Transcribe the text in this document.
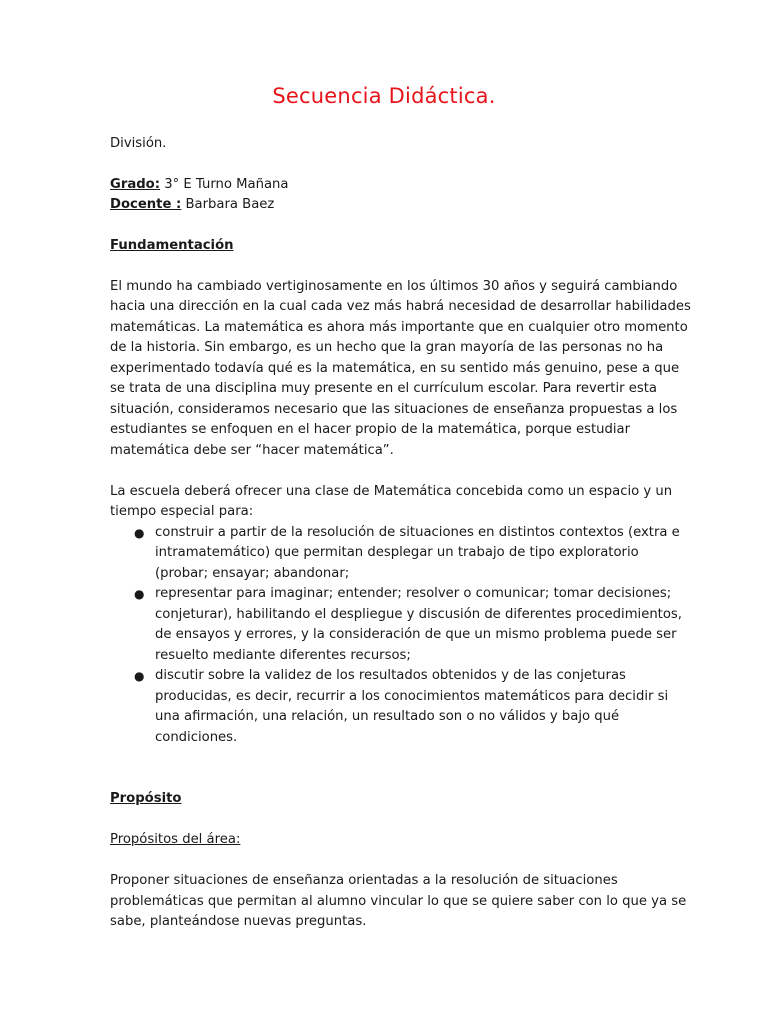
Secuencia Didáctica.

División.

Grado: 3° E Turno Mañana

Docente : Barbara Baez

Fundamentación

El mundo ha cambiado vertiginosamente en los últimos 30 años y seguirá cambiando

hacia una dirección en la cual cada vez más habrá necesidad de desarrollar habilidades

matemáticas. La matemática es ahora más importante que en cualquier otro momento

de la historia. Sin embargo, es un hecho que la gran mayoría de las personas no ha

experimentado todavía qué es la matemática, en su sentido más genuino, pese a que

se trata de una disciplina muy presente en el currículum escolar. Para revertir esta

situación, consideramos necesario que las situaciones de enseñanza propuestas a los

estudiantes se enfoquen en el hacer propio de la matemática, porque estudiar

matemática debe ser “hacer matemática”.

La escuela deberá ofrecer una clase de Matemática concebida como un espacio y un

tiempo especial para:

● construir a partir de la resolución de situaciones en distintos contextos (extra e

intramatemático) que permitan desplegar un trabajo de tipo exploratorio

(probar; ensayar; abandonar;

● representar para imaginar; entender; resolver o comunicar; tomar decisiones;

conjeturar), habilitando el despliegue y discusión de diferentes procedimientos,

de ensayos y errores, y la consideración de que un mismo problema puede ser

resuelto mediante diferentes recursos;

● discutir sobre la validez de los resultados obtenidos y de las conjeturas

producidas, es decir, recurrir a los conocimientos matemáticos para decidir si

una afirmación, una relación, un resultado son o no válidos y bajo qué

condiciones.

Propósito

Propósitos del área:

Proponer situaciones de enseñanza orientadas a la resolución de situaciones

problemáticas que permitan al alumno vincular lo que se quiere saber con lo que ya se

sabe, planteándose nuevas preguntas.
